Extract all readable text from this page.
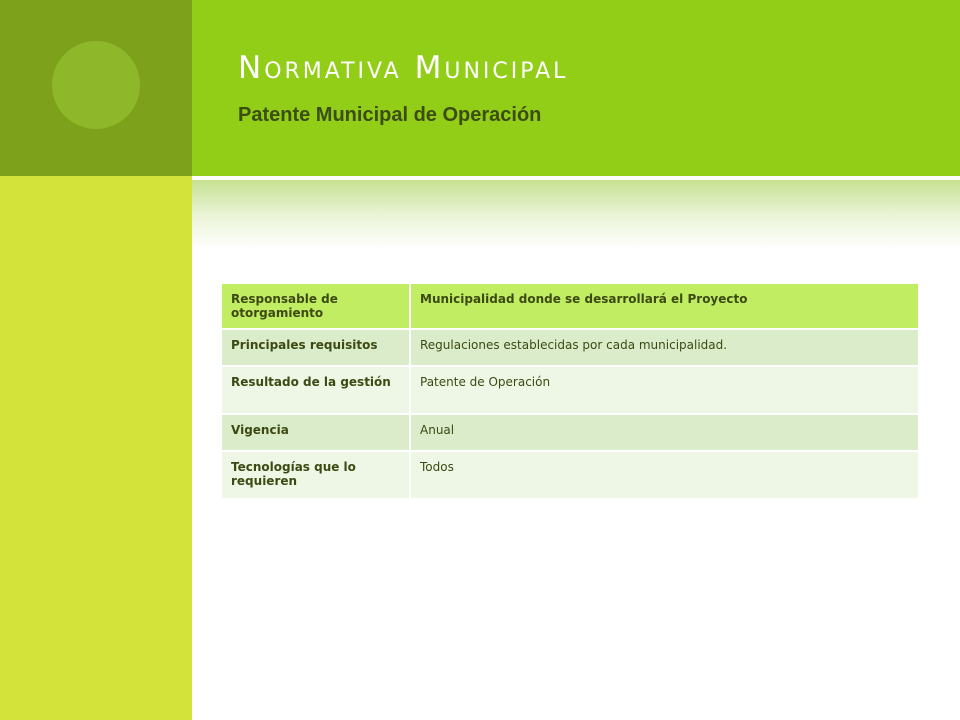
Normativa Municipal
Patente Municipal de Operación
Responsable de otorgamiento	Municipalidad donde se desarrollará el Proyecto
Principales requisitos	Regulaciones establecidas por cada municipalidad.
Resultado de la gestión	Patente de Operación
Vigencia	Anual
Tecnologías que lo requieren	Todos
